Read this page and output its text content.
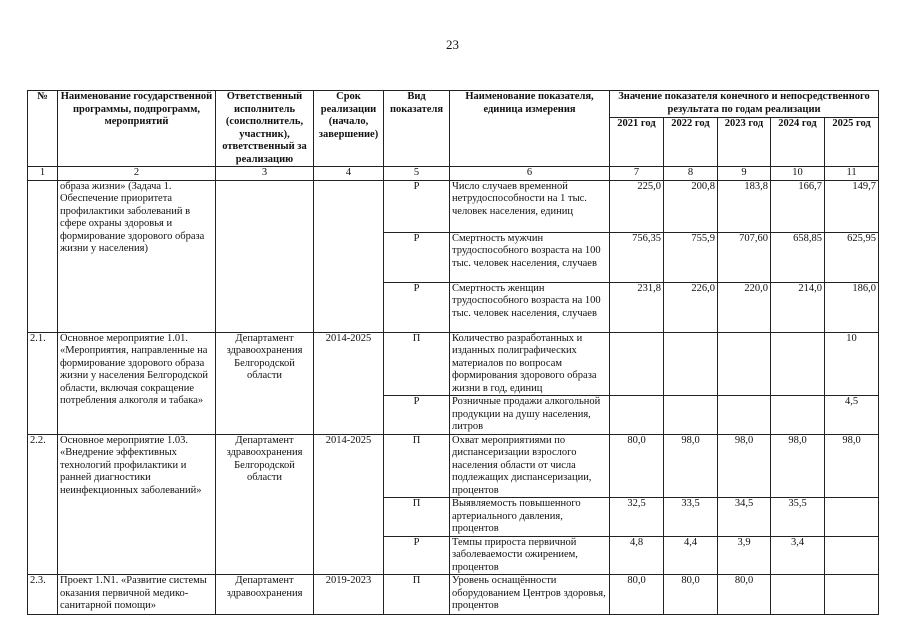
23
№	Наименование государственной программы, подпрограмм, мероприятий	Ответственный исполнитель (соисполнитель, участник), ответственный за реализацию	Срок реализации (начало, завершение)	Вид показателя	Наименование показателя, единица измерения	Значение показателя конечного и непосредственного результата по годам реализации				
						2021 год	2022 год	2023 год	2024 год	2025 год
1	2	3	4	5	6	7	8	9	10	11
	образа жизни» (Задача 1. Обеспечение приоритета профилактики заболеваний в сфере охраны здоровья и формирование здорового образа жизни у населения)			Р	Число случаев временной нетрудоспособности на 1 тыс. человек населения, единиц	225,0	200,8	183,8	166,7	149,7
				Р	Смертность мужчин трудоспособного возраста на 100 тыс. человек населения, случаев	756,35	755,9	707,60	658,85	625,95
				Р	Смертность женщин трудоспособного возраста на 100 тыс. человек населения, случаев	231,8	226,0	220,0	214,0	186,0
2.1.	Основное мероприятие 1.01. «Мероприятия, направленные на формирование здорового образа жизни у населения Белгородской области, включая сокращение потребления алкоголя и табака»	Департамент здравоохранения Белгородской области	2014-2025	П	Количество разработанных и изданных полиграфических материалов по вопросам формирования здорового образа жизни в год, единиц					10
				Р	Розничные продажи алкогольной продукции на душу населения, литров					4,5
2.2.	Основное мероприятие 1.03. «Внедрение эффективных технологий профилактики и ранней диагностики неинфекционных заболеваний»	Департамент здравоохранения Белгородской области	2014-2025	П	Охват мероприятиями по диспансеризации взрослого населения области от числа подлежащих диспансеризации, процентов	80,0	98,0	98,0	98,0	98,0
				П	Выявляемость повышенного артериального давления, процентов	32,5	33,5	34,5	35,5	
				Р	Темпы прироста первичной заболеваемости ожирением, процентов	4,8	4,4	3,9	3,4	
2.3.	Проект 1.N1. «Развитие системы оказания первичной медико-санитарной помощи»	Департамент здравоохранения	2019-2023	П	Уровень оснащённости оборудованием Центров здоровья, процентов	80,0	80,0	80,0		
